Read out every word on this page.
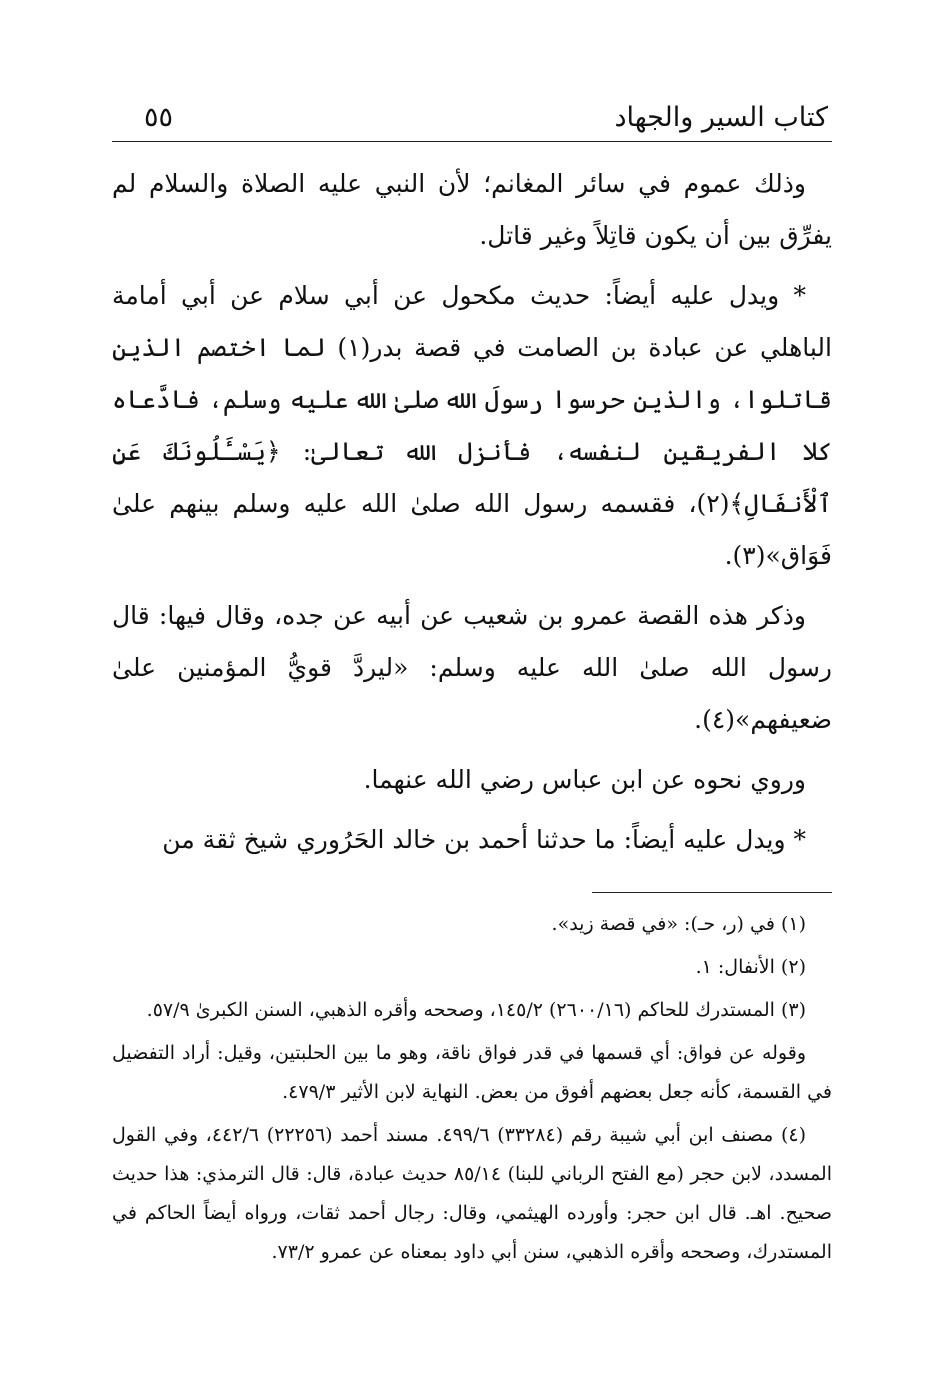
كتاب السير والجهاد
٥٥

وذلك عموم في سائر المغانم؛ لأن النبي عليه الصلاة والسلام لم يفرِّق بين أن يكون قاتِلاً وغير قاتل.

* ويدل عليه أيضاً: حديث مكحول عن أبي سلام عن أبي أمامة الباهلي عن عبادة بن الصامت في قصة بدر(١) لما اختصم الذين قاتلوا، والذين حرسوا رسولَ الله صلىٰ الله عليه وسلم، فادَّعاه كلا الفريقين لنفسه، فأنزل الله تعالىٰ: ﴿يَسْـَٔلُونَكَ عَنِ ٱلْأَنفَالِ﴾(٢)، فقسمه رسول الله صلىٰ الله عليه وسلم بينهم علىٰ فَوَاق»(٣).

وذكر هذه القصة عمرو بن شعيب عن أبيه عن جده، وقال فيها: قال رسول الله صلىٰ الله عليه وسلم: «ليردَّ قويُّ المؤمنين علىٰ ضعيفهم»(٤).

وروي نحوه عن ابن عباس رضي الله عنهما.

* ويدل عليه أيضاً: ما حدثنا أحمد بن خالد الحَرُوري شيخ ثقة من

(١) في (ر، حـ): «في قصة زيد».

(٢) الأنفال: ١.

(٣) المستدرك للحاكم (٢٦٠٠/١٦) ١٤٥/٢، وصححه وأقره الذهبي، السنن الكبرىٰ ٥٧/٩.

وقوله عن فواق: أي قسمها في قدر فواق ناقة، وهو ما بين الحلبتين، وقيل: أراد التفضيل في القسمة، كأنه جعل بعضهم أفوق من بعض. النهاية لابن الأثير ٤٧٩/٣.

(٤) مصنف ابن أبي شيبة رقم (٣٣٢٨٤) ٤٩٩/٦. مسند أحمد (٢٢٢٥٦) ٤٤٢/٦، وفي القول المسدد، لابن حجر (مع الفتح الرباني للبنا) ٨٥/١٤ حديث عبادة، قال: قال الترمذي: هذا حديث صحيح. اهـ. قال ابن حجر: وأورده الهيثمي، وقال: رجال أحمد ثقات، ورواه أيضاً الحاكم في المستدرك، وصححه وأقره الذهبي، سنن أبي داود بمعناه عن عمرو ٧٣/٢.
